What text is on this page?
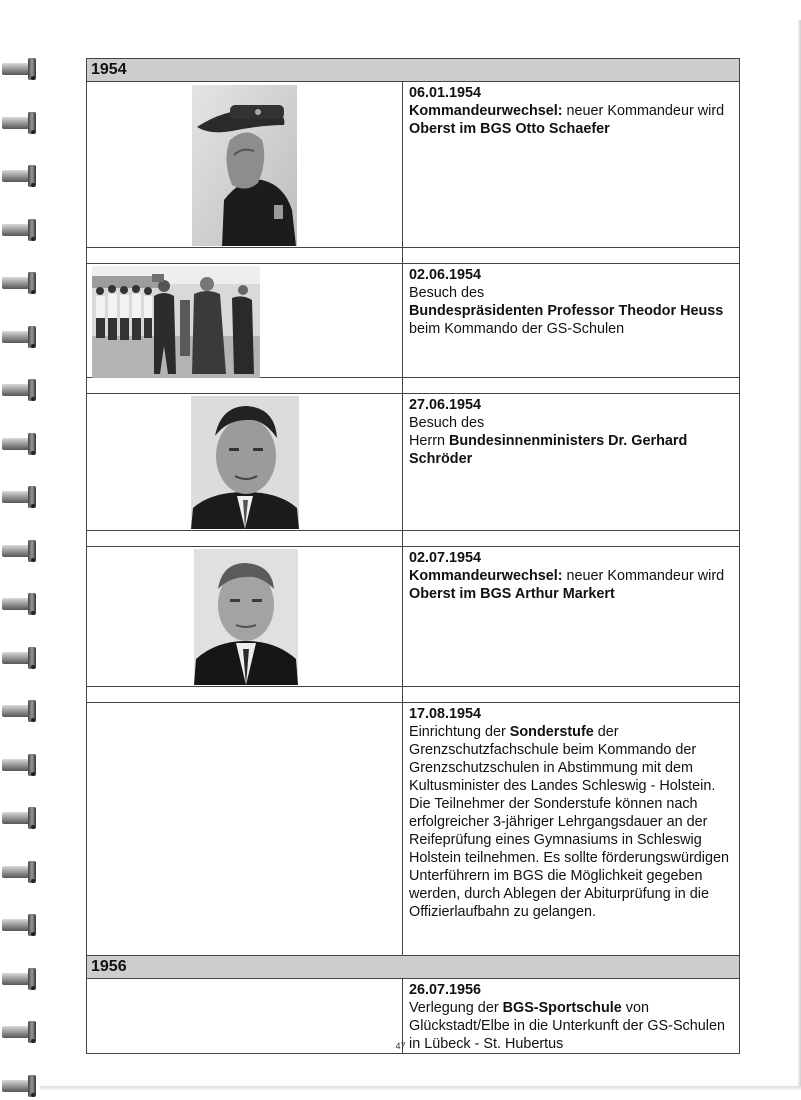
1954	

06.01.1954
Kommandeurwechsel: neuer Kommandeur wird
Oberst im BGS Otto Schaefer

02.06.1954
Besuch des
Bundespräsidenten Professor Theodor Heuss
beim Kommando der GS-Schulen

27.06.1954
Besuch des
Herrn Bundesinnenministers Dr. Gerhard Schröder

02.07.1954
Kommandeurwechsel: neuer Kommandeur wird
Oberst im BGS Arthur Markert

	17.08.1954
Einrichtung der Sonderstufe der Grenzschutzfachschule beim Kommando der Grenzschutzschulen in Abstimmung mit dem Kultusminister des Landes Schleswig - Holstein.
Die Teilnehmer der Sonderstufe können nach erfolgreicher 3-jähriger Lehrgangsdauer an der Reifeprüfung eines Gymnasiums in Schleswig Holstein teilnehmen. Es sollte förderungswürdigen Unterführern im BGS die Möglichkeit gegeben werden, durch Ablegen der Abiturprüfung in die Offizierlaufbahn zu gelangen.

1956	

	26.07.1956
Verlegung der BGS-Sportschule von Glückstadt/Elbe in die Unterkunft der GS-Schulen in Lübeck - St. Hubertus
47
